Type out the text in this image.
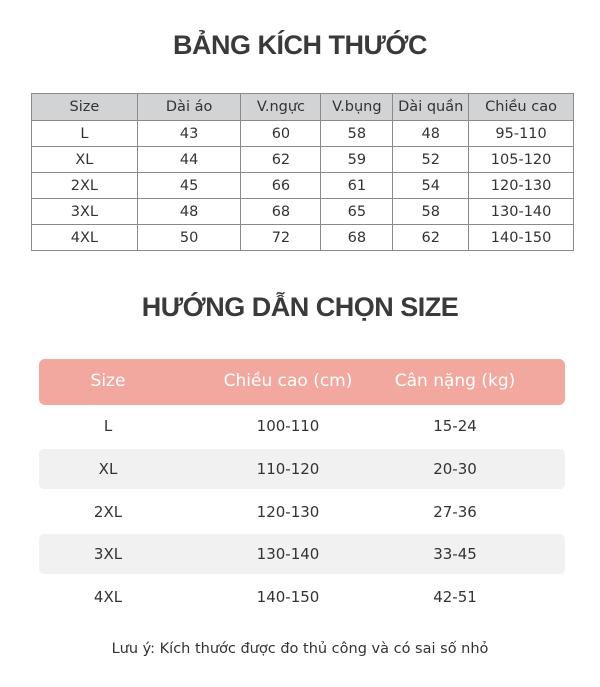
BẢNG KÍCH THƯỚC
Size	Dài áo	V.ngực	V.bụng	Dài quần	Chiều cao
L	43	60	58	48	95-110
XL	44	62	59	52	105-120
2XL	45	66	61	54	120-130
3XL	48	68	65	58	130-140
4XL	50	72	68	62	140-150
HƯỚNG DẪN CHỌN SIZE
Size	Chiều cao (cm) Cân nặng (kg)
L	100-110	15-24
XL	110-120	20-30
2XL	120-130	27-36
3XL	130-140	33-45
4XL	140-150	42-51
Lưu ý: Kích thước được đo thủ công và có sai số nhỏ
